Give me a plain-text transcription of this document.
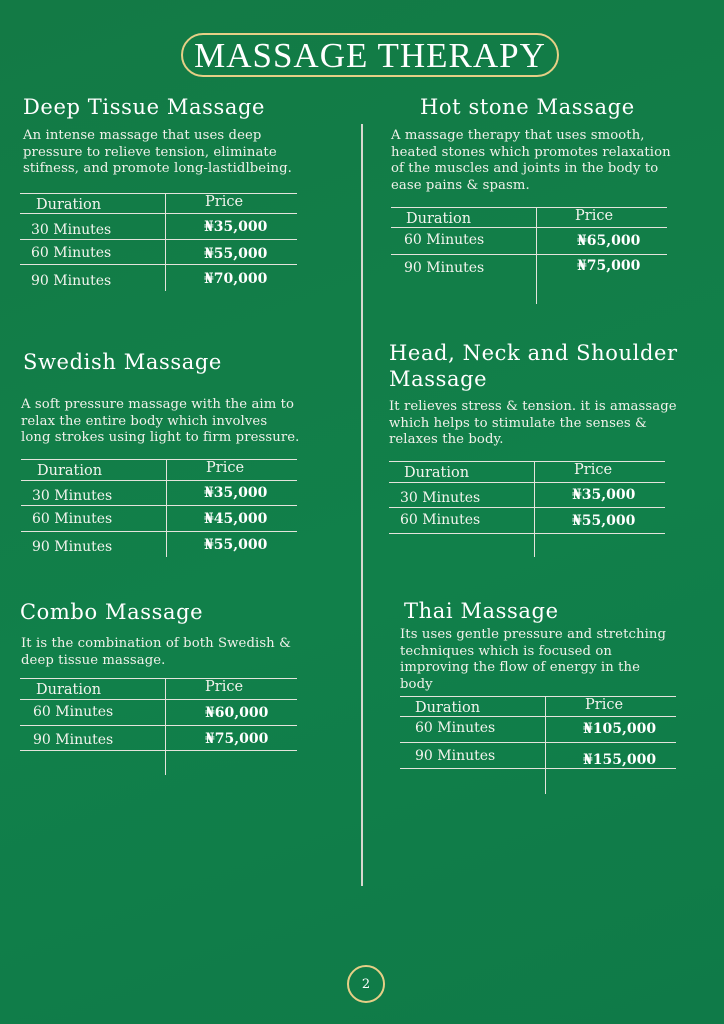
MASSAGE THERAPY
Deep Tissue Massage

An intense massage that uses deep
pressure to relieve tension, eliminate
stifness, and promote long-lastidlbeing.

Duration	Price
30 Minutes	₦35,000
60 Minutes	₦55,000
90 Minutes	₦70,000
Hot stone Massage

A massage therapy that uses smooth,
heated stones which promotes relaxation
of the muscles and joints in the body to
ease pains & spasm.

Duration	Price
60 Minutes	₦65,000
90 Minutes	₦75,000
Swedish Massage

A soft pressure massage with the aim to
relax the entire body which involves
long strokes using light to firm pressure.

Duration	Price
30 Minutes	₦35,000
60 Minutes	₦45,000
90 Minutes	₦55,000
Head, Neck and Shoulder
Massage

It relieves stress & tension. it is amassage
which helps to stimulate the senses &
relaxes the body.

Duration	Price
30 Minutes	₦35,000
60 Minutes	₦55,000
Combo Massage

It is the combination of both Swedish &
deep tissue massage.

Duration	Price
60 Minutes	₦60,000
90 Minutes	₦75,000
Thai Massage

Its uses gentle pressure and stretching
techniques which is focused on
improving the flow of energy in the
body

Duration	Price
60 Minutes	₦105,000
90 Minutes	₦155,000
2
